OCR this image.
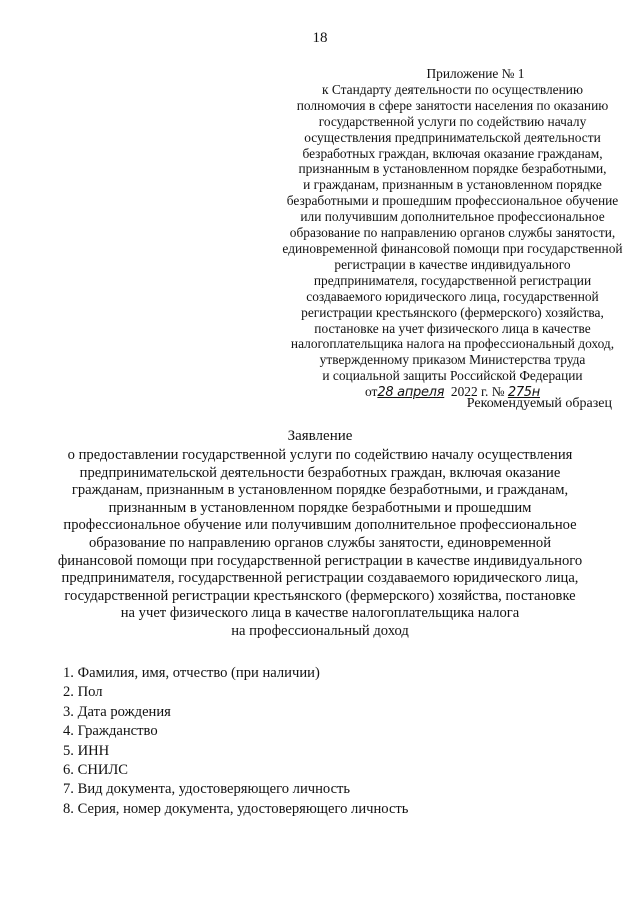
18
Приложение № 1
к Стандарту деятельности по осуществлению
полномочия в сфере занятости населения по оказанию
государственной услуги по содействию началу
осуществления предпринимательской деятельности
безработных граждан, включая оказание гражданам,
признанным в установленном порядке безработными,
и гражданам, признанным в установленном порядке
безработными и прошедшим профессиональное обучение
или получившим дополнительное профессиональное
образование по направлению органов службы занятости,
единовременной финансовой помощи при государственной
регистрации в качестве индивидуального
предпринимателя, государственной регистрации
создаваемого юридического лица, государственной
регистрации крестьянского (фермерского) хозяйства,
постановке на учет физического лица в качестве
налогоплательщика налога на профессиональный доход,
утвержденному приказом Министерства труда
и социальной защиты Российской Федерации
от28 апреля 2022 г. № 275н
Рекомендуемый образец
Заявление
о предоставлении государственной услуги по содействию началу осуществления
предпринимательской деятельности безработных граждан, включая оказание
гражданам, признанным в установленном порядке безработными, и гражданам,
признанным в установленном порядке безработными и прошедшим
профессиональное обучение или получившим дополнительное профессиональное
образование по направлению органов службы занятости, единовременной
финансовой помощи при государственной регистрации в качестве индивидуального
предпринимателя, государственной регистрации создаваемого юридического лица,
государственной регистрации крестьянского (фермерского) хозяйства, постановке
на учет физического лица в качестве налогоплательщика налога
на профессиональный доход
1. Фамилия, имя, отчество (при наличии)
2. Пол
3. Дата рождения
4. Гражданство
5. ИНН
6. СНИЛС
7. Вид документа, удостоверяющего личность
8. Серия, номер документа, удостоверяющего личность
